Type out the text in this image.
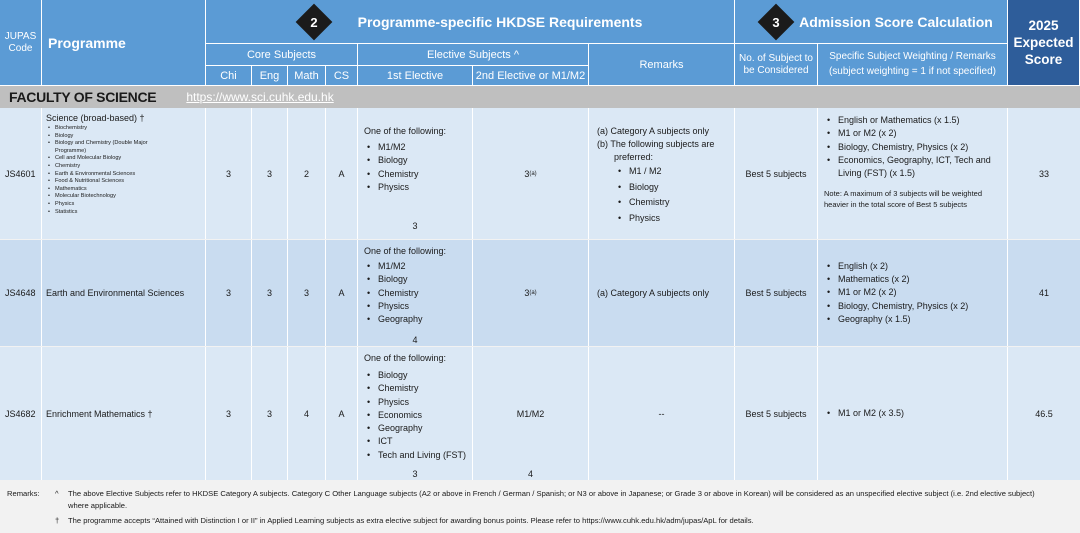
JUPAS Code	Programme
Programme-specific HKDSE Requirements
2	Admission Score Calculation
3	2025 Expected Score
Core Subjects	Elective Subjects ^
Remarks
No. of Subject to be Considered
Specific Subject Weighting / Remarks
(subject weighting = 1 if not specified)
Chi Eng Math CS	1st Elective	2nd Elective or M1/M2
FACULTY OF SCIENCE	https://www.sci.cuhk.edu.hk
JS4601
Science (broad-based) †
• Biochemistry
• Biology
• Biology and Chemistry (Double Major Programme)
• Cell and Molecular Biology
• Chemistry
• Earth & Environmental Sciences
• Food & Nutritional Sciences
• Mathematics
• Molecular Biotechnology
• Physics
• Statistics
3	3	2	A
One of the following:
• M1/M2
• Biology
• Chemistry
• Physics
3
3 (a)
(a) Category A subjects only
(b) The following subjects are preferred:
• M1 / M2
• Biology
• Chemistry
• Physics
Best 5 subjects
• English or Mathematics (x 1.5)
• M1 or M2 (x 2)
• Biology, Chemistry, Physics (x 2)
• Economics, Geography, ICT, Tech and Living (FST) (x 1.5)
Note: A maximum of 3 subjects will be weighted heavier in the total score of Best 5 subjects
33
JS4648 Earth and Environmental Sciences	3	3	3	A
One of the following:
• M1/M2
• Biology
• Chemistry
• Physics
• Geography
4
3 (a)	(a) Category A subjects only	Best 5 subjects
• English (x 2)
• Mathematics (x 2)
• M1 or M2 (x 2)
• Biology, Chemistry, Physics (x 2)
• Geography (x 1.5)
41
JS4682 Enrichment Mathematics †	3	3	4	A
One of the following:
• Biology
• Chemistry
• Physics
• Economics
• Geography
• ICT
• Tech and Living (FST)
3
M1/M2
4
--	Best 5 subjects
•	M1 or M2 (x 3.5)	46.5
Remarks: ^ The above Elective Subjects refer to HKDSE Category A subjects. Category C Other Language subjects (A2 or above in French / German / Spanish; or N3 or above in Japanese; or Grade 3 or above in Korean) will be considered as an unspecified elective subject (i.e. 2nd elective subject) where applicable.
† The programme accepts “Attained with Distinction I or II” in Applied Learning subjects as extra elective subject for awarding bonus points. Please refer to https://www.cuhk.edu.hk/adm/jupas/ApL for details.
